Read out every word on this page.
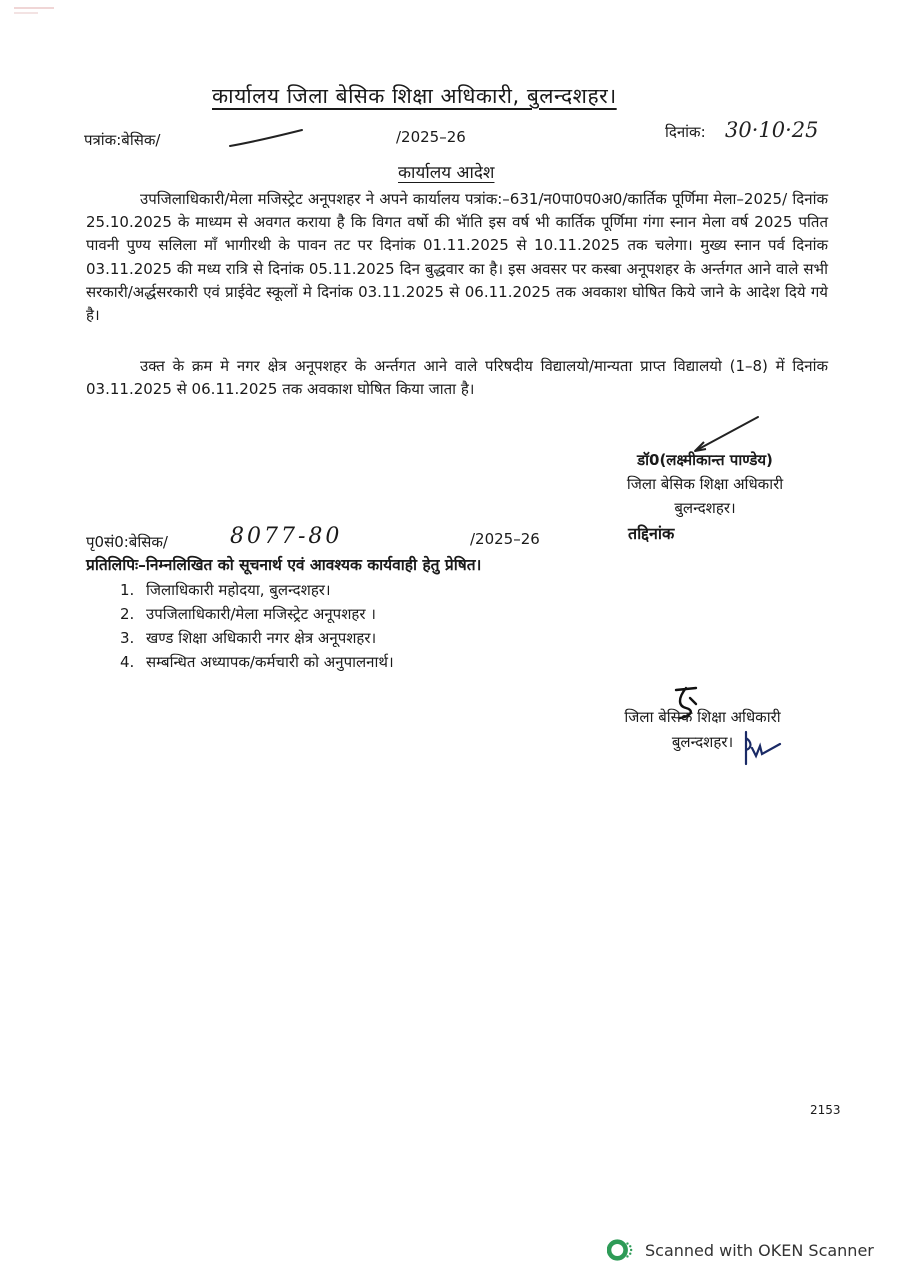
कार्यालय जिला बेसिक शिक्षा अधिकारी, बुलन्दशहर।
पत्रांक:बेसिक/	/2025–26	दिनांक: 30·10·25
कार्यालय आदेश
उपजिलाधिकारी/मेला मजिस्ट्रेट अनूपशहर ने अपने कार्यालय पत्रांक:–631/न0पा0प0अ0/कार्तिक पूर्णिमा मेला–2025/ दिनांक 25.10.2025 के माध्यम से अवगत कराया है कि विगत वर्षो की भॅाति इस वर्ष भी कार्तिक पूर्णिमा गंगा स्नान मेला वर्ष 2025 पतित पावनी पुण्य सलिला माॅं भागीरथी के पावन तट पर दिनांक 01.11.2025 से 10.11.2025 तक चलेगा। मुख्य स्नान पर्व दिनांक 03.11.2025 की मध्य रात्रि से दिनांक 05.11.2025 दिन बुद्धवार का है। इस अवसर पर कस्बा अनूपशहर के अर्न्तगत आने वाले सभी सरकारी/अर्द्धसरकारी एवं प्राईवेट स्कूलों मे दिनांक 03.11.2025 से 06.11.2025 तक अवकाश घोषित किये जाने के आदेश दिये गये है।
उक्त के क्रम मे नगर क्षेत्र अनूपशहर के अर्न्तगत आने वाले परिषदीय विद्यालयो/मान्यता प्राप्त विद्यालयो (1–8) में दिनांक 03.11.2025 से 06.11.2025 तक अवकाश घोषित किया जाता है।
डॉ0(लक्ष्मीकान्त पाण्डेय)
जिला बेसिक शिक्षा अधिकारी
बुलन्दशहर।
तद्दिनांक
पृ0सं0:बेसिक/	8077-80	/2025–26
प्रतिलिपिः–निम्नलिखित को सूचनार्थ एवं आवश्यक कार्यवाही हेतु प्रेषित।
1. जिलाधिकारी महोदया, बुलन्दशहर।
2. उपजिलाधिकारी/मेला मजिस्ट्रेट अनूपशहर ।
3. खण्ड शिक्षा अधिकारी नगर क्षेत्र अनूपशहर।
4. सम्बन्धित अध्यापक/कर्मचारी को अनुपालनार्थ।
जिला बेसिक शिक्षा अधिकारी
बुलन्दशहर।
2153
Scanned with OKEN Scanner
